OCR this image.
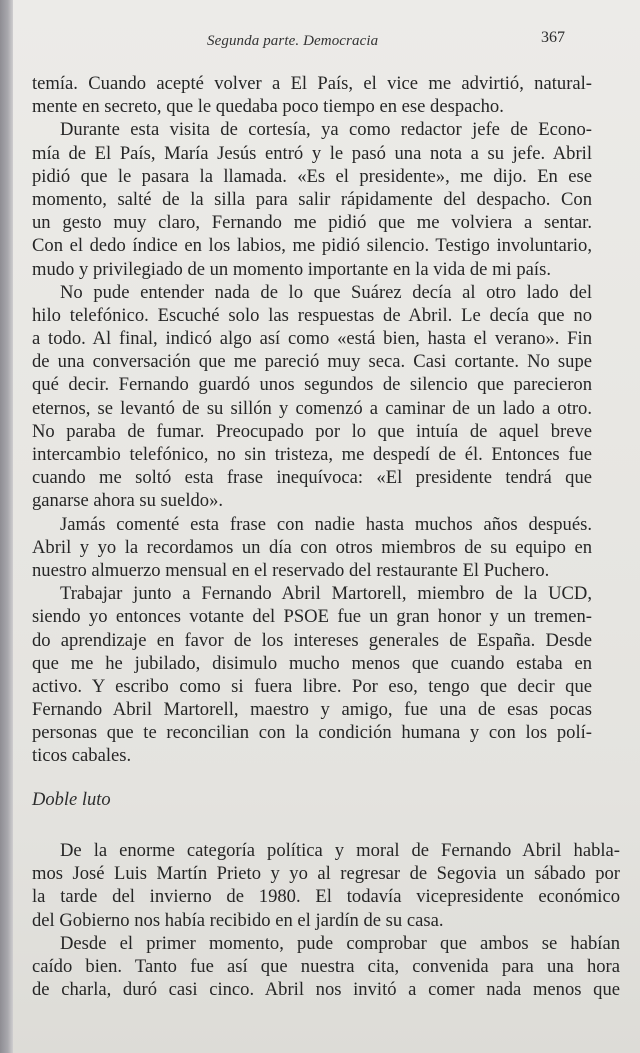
Segunda parte. Democracia	367
temía. Cuando acepté volver a El País, el vice me advirtió, natural-
mente en secreto, que le quedaba poco tiempo en ese despacho.
Durante esta visita de cortesía, ya como redactor jefe de Econo-
mía de El País, María Jesús entró y le pasó una nota a su jefe. Abril
pidió que le pasara la llamada. «Es el presidente», me dijo. En ese
momento, salté de la silla para salir rápidamente del despacho. Con
un gesto muy claro, Fernando me pidió que me volviera a sentar.
Con el dedo índice en los labios, me pidió silencio. Testigo involuntario,
mudo y privilegiado de un momento importante en la vida de mi país.
No pude entender nada de lo que Suárez decía al otro lado del
hilo telefónico. Escuché solo las respuestas de Abril. Le decía que no
a todo. Al final, indicó algo así como «está bien, hasta el verano». Fin
de una conversación que me pareció muy seca. Casi cortante. No supe
qué decir. Fernando guardó unos segundos de silencio que parecieron
eternos, se levantó de su sillón y comenzó a caminar de un lado a otro.
No paraba de fumar. Preocupado por lo que intuía de aquel breve
intercambio telefónico, no sin tristeza, me despedí de él. Entonces fue
cuando me soltó esta frase inequívoca: «El presidente tendrá que
ganarse ahora su sueldo».
Jamás comenté esta frase con nadie hasta muchos años después.
Abril y yo la recordamos un día con otros miembros de su equipo en
nuestro almuerzo mensual en el reservado del restaurante El Puchero.
Trabajar junto a Fernando Abril Martorell, miembro de la UCD,
siendo yo entonces votante del PSOE fue un gran honor y un tremen-
do aprendizaje en favor de los intereses generales de España. Desde
que me he jubilado, disimulo mucho menos que cuando estaba en
activo. Y escribo como si fuera libre. Por eso, tengo que decir que
Fernando Abril Martorell, maestro y amigo, fue una de esas pocas
personas que te reconcilian con la condición humana y con los polí-
ticos cabales.
Doble luto
De la enorme categoría política y moral de Fernando Abril habla-
mos José Luis Martín Prieto y yo al regresar de Segovia un sábado por
la tarde del invierno de 1980. El todavía vicepresidente económico
del Gobierno nos había recibido en el jardín de su casa.
Desde el primer momento, pude comprobar que ambos se habían
caído bien. Tanto fue así que nuestra cita, convenida para una hora
de charla, duró casi cinco. Abril nos invitó a comer nada menos que
